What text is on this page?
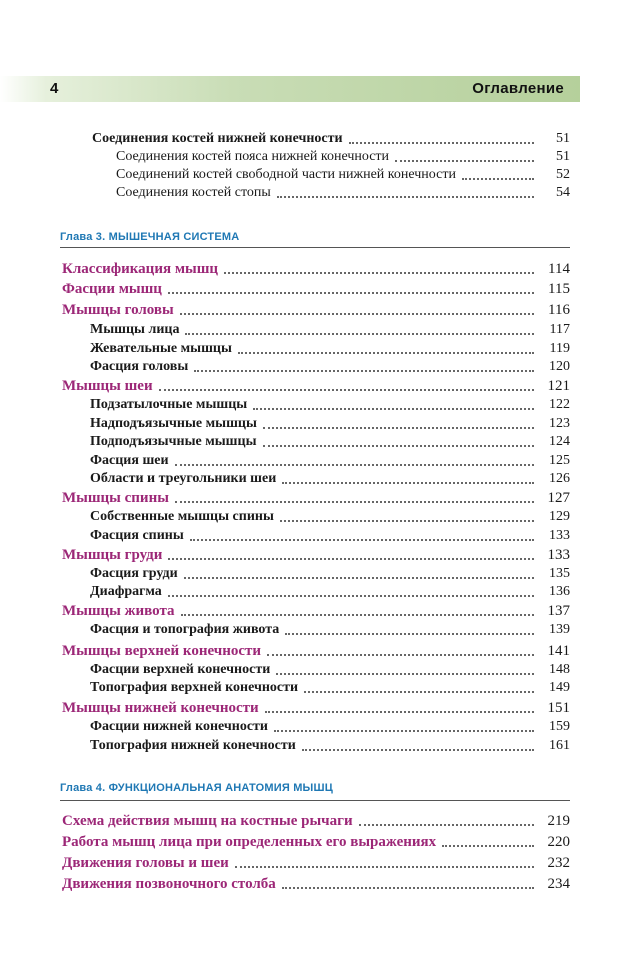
4	Оглавление
Соединения костей нижней конечности	51
Соединения костей пояса нижней конечности	51
Соединений костей свободной части нижней конечности	52
Соединения костей стопы	54
Глава 3. МЫШЕЧНАЯ СИСТЕМА
Классификация мышц	114
Фасции мышц	115
Мышцы головы	116
Мышцы лица	117
Жевательные мышцы	119
Фасция головы	120
Мышцы шеи	121
Подзатылочные мышцы	122
Надподъязычные мышцы	123
Подподъязычные мышцы	124
Фасция шеи	125
Области и треугольники шеи	126
Мышцы спины	127
Собственные мышцы спины	129
Фасция спины	133
Мышцы груди	133
Фасция груди	135
Диафрагма	136
Мышцы живота	137
Фасция и топография живота	139
Мышцы верхней конечности	141
Фасции верхней конечности	148
Топография верхней конечности	149
Мышцы нижней конечности	151
Фасции нижней конечности	159
Топография нижней конечности	161
Глава 4. ФУНКЦИОНАЛЬНАЯ АНАТОМИЯ МЫШЦ
Схема действия мышц на костные рычаги	219
Работа мышц лица при определенных его выражениях	220
Движения головы и шеи	232
Движения позвоночного столба	234
